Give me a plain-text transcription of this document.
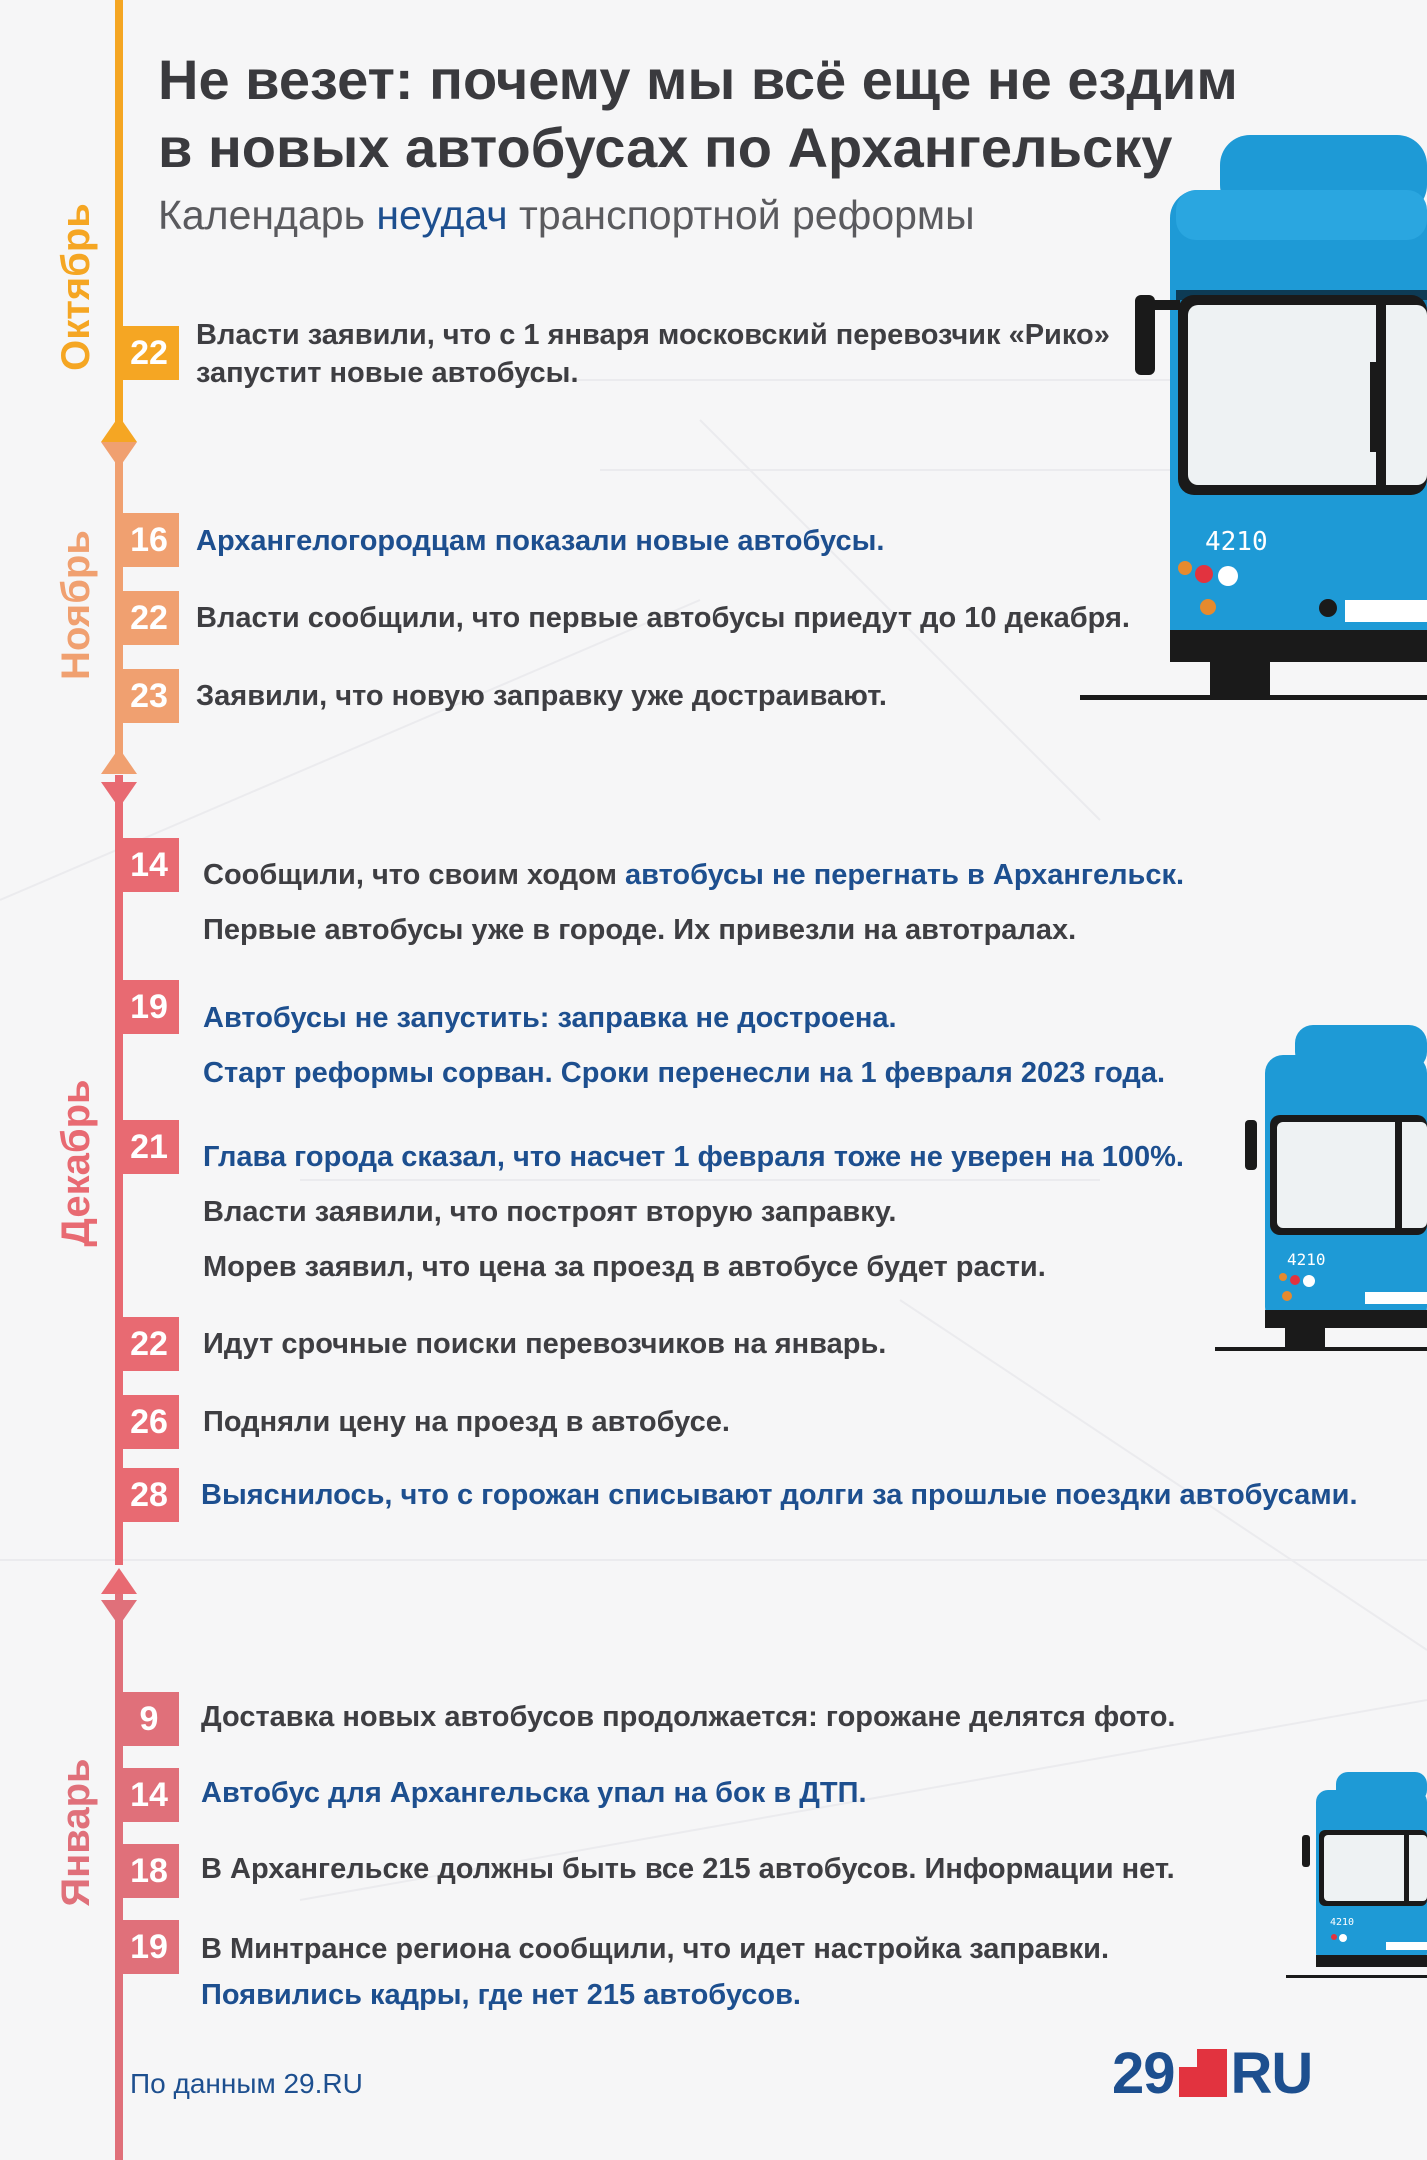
Не везет: почему мы всё еще не ездим
в новых автобусах по Архангельску
Календарь неудач транспортной реформы
Октябрь
Ноябрь
Декабрь
Январь
22 Власти заявили, что с 1 января московский перевозчик «Рико»
запустит новые автобусы.
16 Архангелогородцам показали новые автобусы.
22 Власти сообщили, что первые автобусы приедут до 10 декабря.
23 Заявили, что новую заправку уже достраивают.
14	Сообщили, что своим ходом автобусы не перегнать в Архангельск.
Первые автобусы уже в городе. Их привезли на автотралах.
19	Автобусы не запустить: заправка не достроена.
Старт реформы сорван. Сроки перенесли на 1 февраля 2023 года.
21	Глава города сказал, что насчет 1 февраля тоже не уверен на 100%.
Власти заявили, что построят вторую заправку.
Морев заявил, что цена за проезд в автобусе будет расти.
22	Идут срочные поиски перевозчиков на январь.
26	Подняли цену на проезд в автобусе.
28	Выяснилось, что с горожан списывают долги за прошлые поездки автобусами.
9	Доставка новых автобусов продолжается: горожане делятся фото.
14	Автобус для Архангельска упал на бок в ДТП.
18	В Архангельске должны быть все 215 автобусов. Информации нет.
19	В Минтрансе региона сообщили, что идет настройка заправки.
Появились кадры, где нет 215 автобусов.
4210
4210
4210
По данным 29.RU	29 RU
